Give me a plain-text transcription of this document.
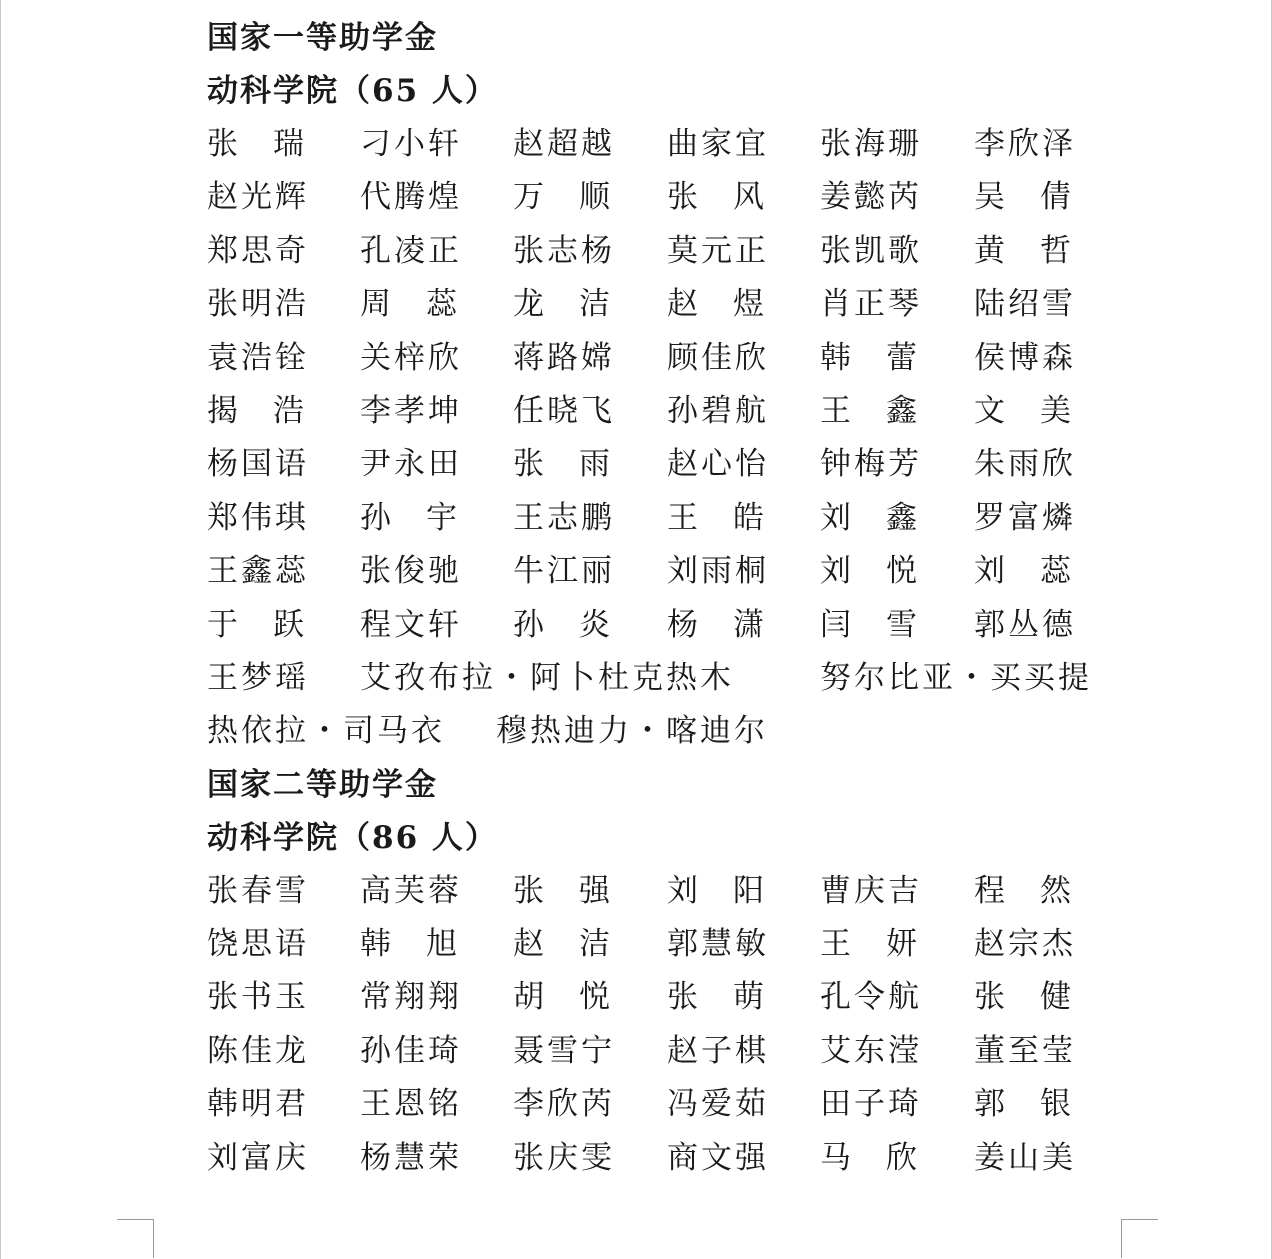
国家一等助学金
动科学院（65 人）
张瑞 刁小轩 赵超越 曲家宜 张海珊 李欣泽
赵光辉 代腾煌 万顺 张风 姜懿芮 吴倩
郑思奇 孔凌正 张志杨 莫元正 张凯歌 黄哲
张明浩 周蕊 龙洁 赵煜 肖正琴 陆绍雪
袁浩铨 关梓欣 蒋路嫦 顾佳欣 韩蕾 侯博森
揭浩 李孝坤 任晓飞 孙碧航 王鑫 文美
杨国语 尹永田 张雨 赵心怡 钟梅芳 朱雨欣
郑伟琪 孙宇 王志鹏 王皓 刘鑫 罗富燐
王鑫蕊 张俊驰 牛江丽 刘雨桐 刘悦 刘蕊
于跃 程文轩 孙炎 杨潇 闫雪 郭丛德
王梦瑶 艾孜布拉・阿卜杜克热木	努尔比亚・买买提
热依拉・司马衣 穆热迪力・喀迪尔
国家二等助学金
动科学院（86 人）
张春雪 高芙蓉 张强 刘阳 曹庆吉 程然
饶思语 韩旭 赵洁 郭慧敏 王妍 赵宗杰
张书玉 常翔翔 胡悦 张萌 孔令航 张健
陈佳龙 孙佳琦 聂雪宁 赵子棋 艾东滢 董至莹
韩明君 王恩铭 李欣芮 冯爱茹 田子琦 郭银
刘富庆 杨慧荣 张庆雯 商文强 马欣 姜山美
